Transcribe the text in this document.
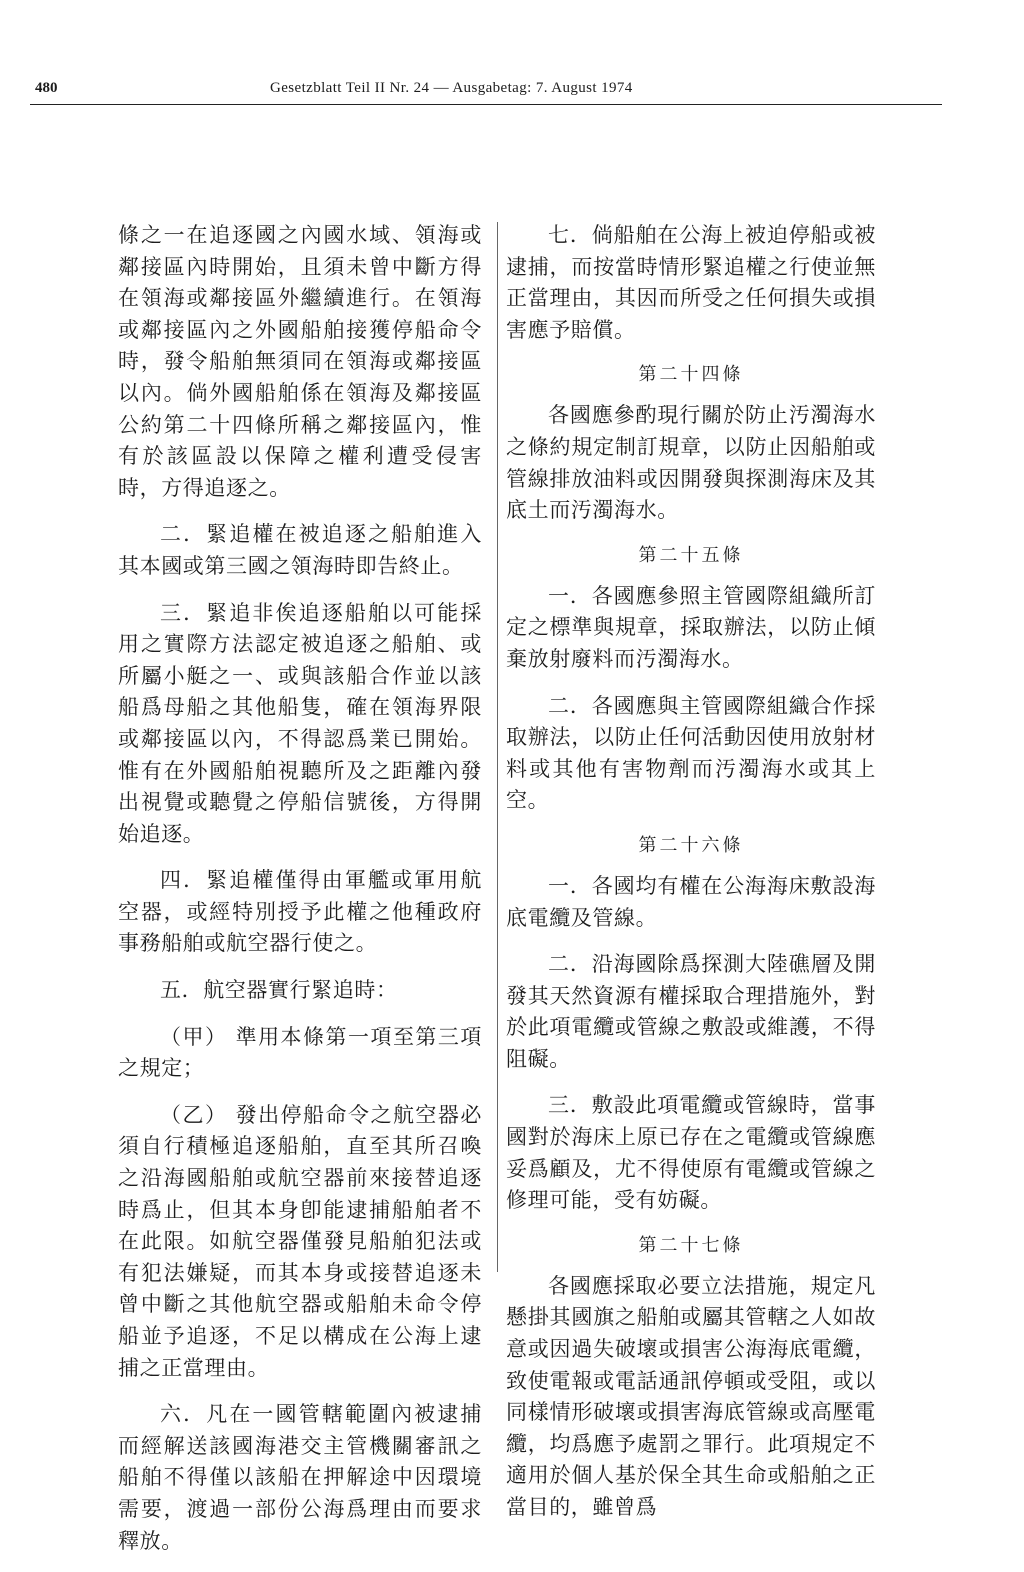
480	Gesetzblatt Teil II Nr. 24 — Ausgabetag: 7. August 1974

條之一在追逐國之內國水域、領海或鄰接區內時開始，且須未曾中斷方得在領海或鄰接區外繼續進行。在領海或鄰接區內之外國船舶接獲停船命令時，發令船舶無須同在領海或鄰接區以內。倘外國船舶係在領海及鄰接區公約第二十四條所稱之鄰接區內，惟有於該區設以保障之權利遭受侵害時，方得追逐之。

二．緊追權在被追逐之船舶進入其本國或第三國之領海時即告終止。

三．緊追非俟追逐船舶以可能採用之實際方法認定被追逐之船舶、或所屬小艇之一、或與該船合作並以該船爲母船之其他船隻，確在領海界限或鄰接區以內，不得認爲業已開始。惟有在外國船舶視聽所及之距離內發出視覺或聽覺之停船信號後，方得開始追逐。

四．緊追權僅得由軍艦或軍用航空器，或經特別授予此權之他種政府事務船舶或航空器行使之。

五．航空器實行緊追時：

（甲） 準用本條第一項至第三項之規定；

（乙） 發出停船命令之航空器必須自行積極追逐船舶，直至其所召喚之沿海國船舶或航空器前來接替追逐時爲止，但其本身卽能逮捕船舶者不在此限。如航空器僅發見船舶犯法或有犯法嫌疑，而其本身或接替追逐未曾中斷之其他航空器或船舶未命令停船並予追逐，不足以構成在公海上逮捕之正當理由。

六．凡在一國管轄範圍內被逮捕而經解送該國海港交主管機關審訊之船舶不得僅以該船在押解途中因環境需要，渡過一部份公海爲理由而要求釋放。

七．倘船舶在公海上被迫停船或被逮捕，而按當時情形緊追權之行使並無正當理由，其因而所受之任何損失或損害應予賠償。

第二十四條

各國應參酌現行關於防止汚濁海水之條約規定制訂規章，以防止因船舶或管線排放油料或因開發與探測海床及其底土而汚濁海水。

第二十五條

一．各國應參照主管國際組織所訂定之標準與規章，採取辦法，以防止傾棄放射廢料而汚濁海水。

二．各國應與主管國際組織合作採取辦法，以防止任何活動因使用放射材料或其他有害物劑而汚濁海水或其上空。

第二十六條

一．各國均有權在公海海床敷設海底電纜及管線。

二．沿海國除爲探測大陸礁層及開發其天然資源有權採取合理措施外，對於此項電纜或管線之敷設或維護，不得阻礙。

三．敷設此項電纜或管線時，當事國對於海床上原已存在之電纜或管線應妥爲顧及，尤不得使原有電纜或管線之修理可能，受有妨礙。

第二十七條

各國應採取必要立法措施，規定凡懸掛其國旗之船舶或屬其管轄之人如故意或因過失破壞或損害公海海底電纜，致使電報或電話通訊停頓或受阻，或以同樣情形破壞或損害海底管線或高壓電纜，均爲應予處罰之罪行。此項規定不適用於個人基於保全其生命或船舶之正當目的，雖曾爲
